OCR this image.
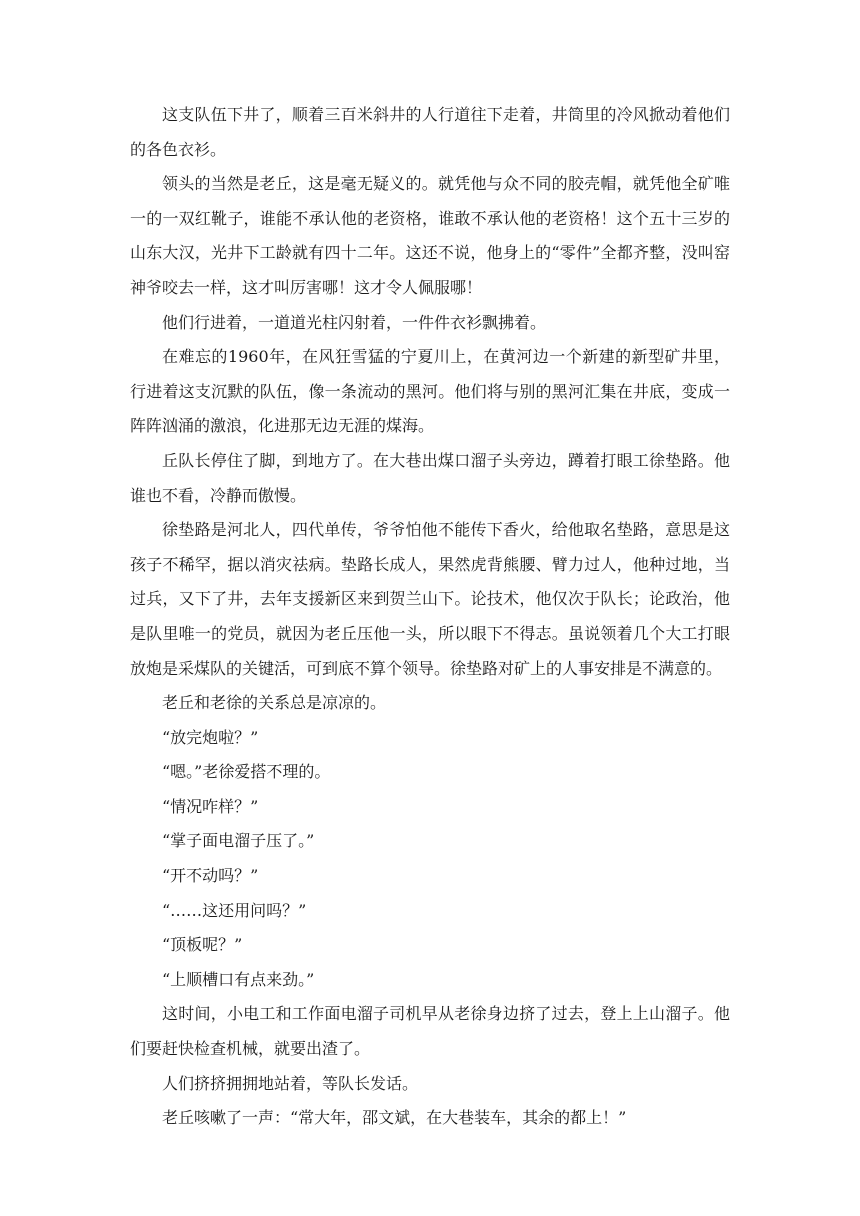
这支队伍下井了，顺着三百米斜井的人行道往下走着，井筒里的冷风掀动着他们的各色衣衫。

领头的当然是老丘，这是毫无疑义的。就凭他与众不同的胶壳帽，就凭他全矿唯一的一双红靴子，谁能不承认他的老资格，谁敢不承认他的老资格！这个五十三岁的山东大汉，光井下工龄就有四十二年。这还不说，他身上的“零件”全都齐整，没叫窑神爷咬去一样，这才叫厉害哪！这才令人佩服哪！

他们行进着，一道道光柱闪射着，一件件衣衫飘拂着。

在难忘的1960年，在风狂雪猛的宁夏川上，在黄河边一个新建的新型矿井里，行进着这支沉默的队伍，像一条流动的黑河。他们将与别的黑河汇集在井底，变成一阵阵汹涌的激浪，化进那无边无涯的煤海。

丘队长停住了脚，到地方了。在大巷出煤口溜子头旁边，蹲着打眼工徐垫路。他谁也不看，冷静而傲慢。

徐垫路是河北人，四代单传，爷爷怕他不能传下香火，给他取名垫路，意思是这孩子不稀罕，据以消灾祛病。垫路长成人，果然虎背熊腰、臂力过人，他种过地，当过兵，又下了井，去年支援新区来到贺兰山下。论技术，他仅次于队长；论政治，他是队里唯一的党员，就因为老丘压他一头，所以眼下不得志。虽说领着几个大工打眼放炮是采煤队的关键活，可到底不算个领导。徐垫路对矿上的人事安排是不满意的。

老丘和老徐的关系总是凉凉的。

“放完炮啦？”

“嗯。”老徐爱搭不理的。

“情况咋样？”

“掌子面电溜子压了。”

“开不动吗？”

“……这还用问吗？”

“顶板呢？”

“上顺槽口有点来劲。”

这时间，小电工和工作面电溜子司机早从老徐身边挤了过去，登上上山溜子。他们要赶快检查机械，就要出渣了。

人们挤挤拥拥地站着，等队长发话。

老丘咳嗽了一声：“常大年，邵文斌，在大巷装车，其余的都上！”
